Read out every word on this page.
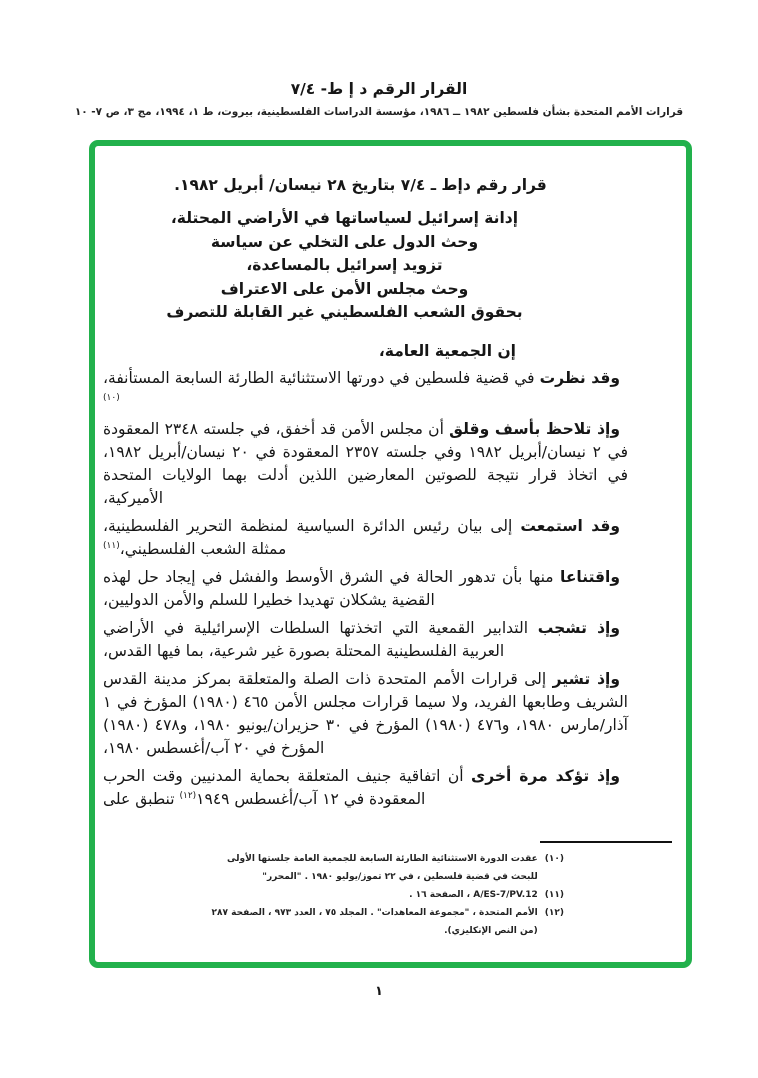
القرار الرقم د إ ط- ٧/٤
قرارات الأمم المتحدة بشأن فلسطين ١٩٨٢ ــ ١٩٨٦، مؤسسة الدراسات الفلسطينية، بيروت، ط ١، ١٩٩٤، مج ٣، ص ٧- ١٠
قرار رقم دإط ـ ٧/٤ بتاريخ ٢٨ نيسان/ أبريل ١٩٨٢.
إدانة إسرائيل لسياساتها في الأراضي المحتلة،
وحث الدول على التخلي عن سياسة
تزويد إسرائيل بالمساعدة،
وحث مجلس الأمن على الاعتراف
بحقوق الشعب الفلسطيني غير القابلة للتصرف
إن الجمعية العامة،

وقد نظرت في قضية فلسطين في دورتها الاستثنائية الطارئة السابعة المستأنفة،$^{(١٠)}$

وإذ تلاحظ بأسف وقلق أن مجلس الأمن قد أخفق، في جلسته ٢٣٤٨ المعقودة في ٢ نيسان/أبريل ١٩٨٢ وفي جلسته ٢٣٥٧ المعقودة في ٢٠ نيسان/أبريل ١٩٨٢، في اتخاذ قرار نتيجة للصوتين المعارضين اللذين أدلت بهما الولايات المتحدة الأميركية،

وقد استمعت إلى بيان رئيس الدائرة السياسية لمنظمة التحرير الفلسطينية، ممثلة الشعب الفلسطيني،$^{(١١)}$

واقتناعا منها بأن تدهور الحالة في الشرق الأوسط والفشل في إيجاد حل لهذه القضية يشكلان تهديدا خطيرا للسلم والأمن الدوليين،

وإذ تشجب التدابير القمعية التي اتخذتها السلطات الإسرائيلية في الأراضي العربية الفلسطينية المحتلة بصورة غير شرعية، بما فيها القدس،

وإذ تشير إلى قرارات الأمم المتحدة ذات الصلة والمتعلقة بمركز مدينة القدس الشريف وطابعها الفريد، ولا سيما قرارات مجلس الأمن ٤٦٥ (١٩٨٠) المؤرخ في ١ آذار/مارس ١٩٨٠، و٤٧٦ (١٩٨٠) المؤرخ في ٣٠ حزيران/يونيو ١٩٨٠، و٤٧٨ (١٩٨٠) المؤرخ في ٢٠ آب/أغسطس ١٩٨٠،

وإذ تؤكد مرة أخرى أن اتفاقية جنيف المتعلقة بحماية المدنيين وقت الحرب المعقودة في ١٢ آب/أغسطس ١٩٤٩$^{(١٢)}$ تنطبق على

(١٠)
عقدت الدورة الاستثنائية الطارئة السابعة للجمعية العامة جلستها الأولى للبحث في قضية فلسطين ، في ٢٢ تموز/يوليو ١٩٨٠ . "المحرر"
(١١)
A/ES-7/PV.12 ، الصفحة ١٦ .
(١٢)
الأمم المتحدة ، "مجموعة المعاهدات" . المجلد ٧٥ ، العدد ٩٧٣ ، الصفحة ٢٨٧ (من النص الإنكليزي).
١
